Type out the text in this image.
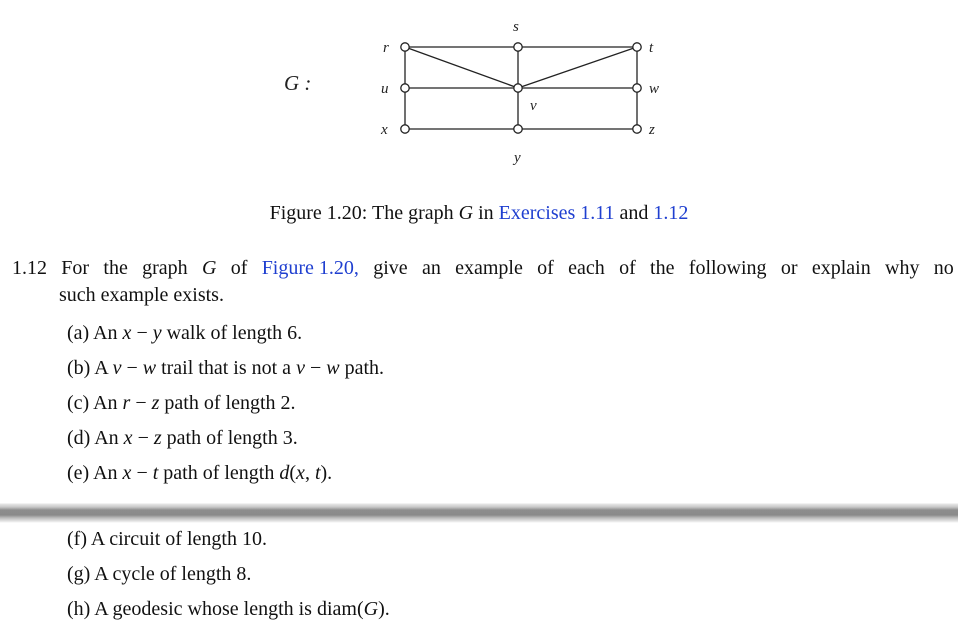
G :
r
s
t
u
v
w
x
y
z
Figure 1.20: The graph G in Exercises 1.11 and 1.12
1.12 For the graph G of Figure 1.20, give an example of each of the following or explain why no
such example exists.
(a) An x − y walk of length 6.
(b) A v − w trail that is not a v − w path.
(c) An r − z path of length 2.
(d) An x − z path of length 3.
(e) An x − t path of length d(x, t).
(f) A circuit of length 10.
(g) A cycle of length 8.
(h) A geodesic whose length is diam(G).
